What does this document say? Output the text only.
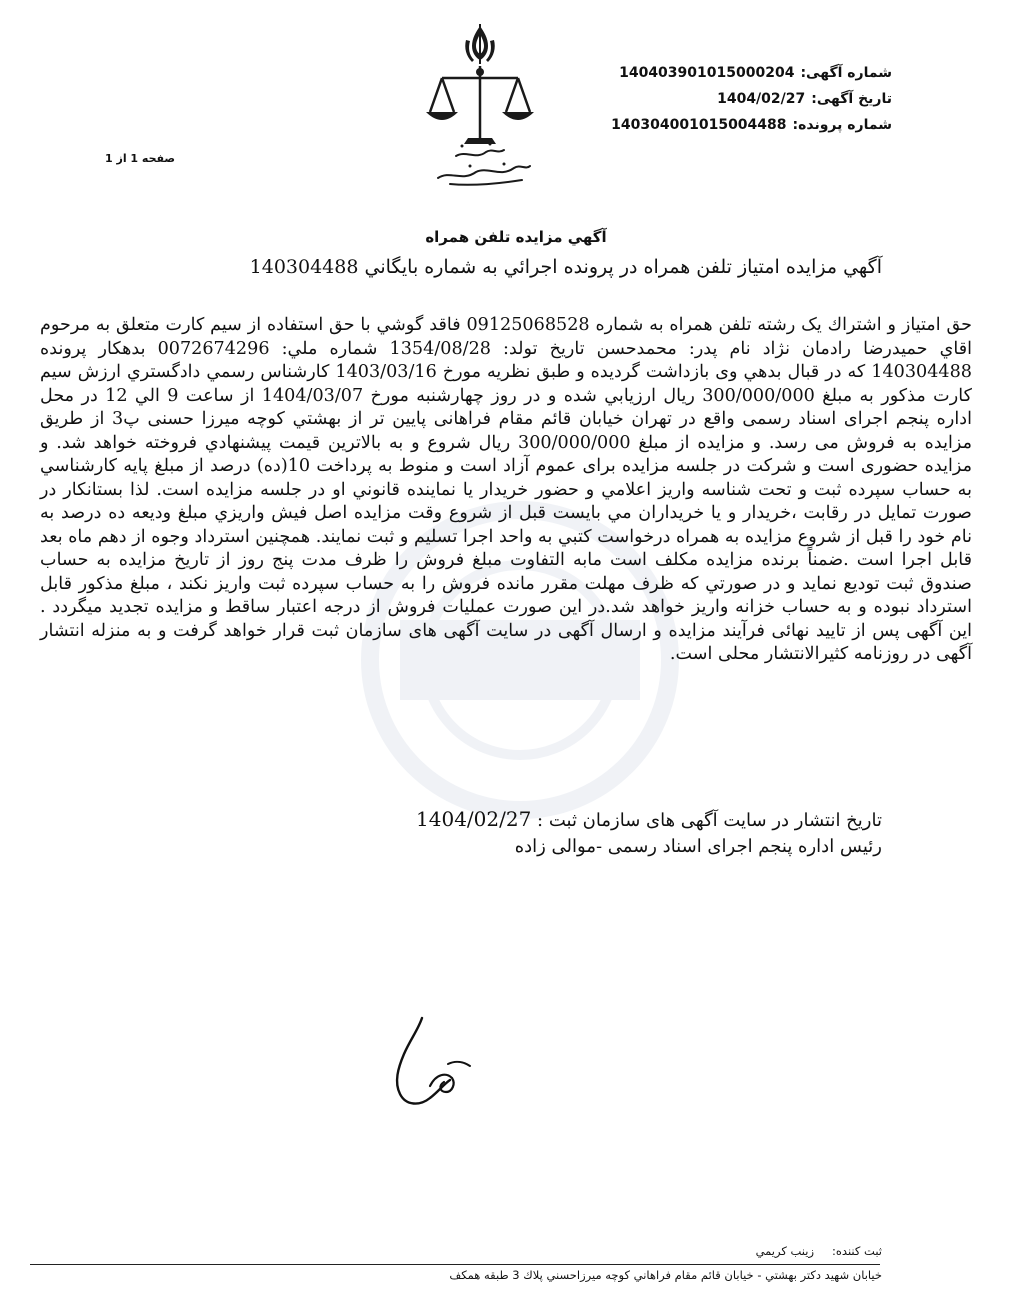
شماره آگهی:
140403901015000204
تاریخ آگهی:
1404/02/27
شماره پرونده:
140304001015004488
صفحه 1 از 1
آگهي مزايده تلفن همراه
آگهي مزايده امتياز تلفن همراه در پرونده اجرائي به شماره بايگاني 140304488
حق امتياز و اشتراك يک رشته تلفن همراه به شماره 09125068528 فاقد گوشي با حق استفاده از سيم کارت متعلق به مرحوم اقاي حميدرضا رادمان نژاد نام پدر: محمدحسن تاريخ تولد: 1354/08/28 شماره ملي: 0072674296 بدهکار پرونده 140304488 كه در قبال بدهي وی بازداشت گرديده و طبق نظريه مورخ 1403/03/16 کارشناس رسمي دادگستري ارزش سيم کارت مذكور به مبلغ 300/000/000 ريال ارزيابي شده و در روز چهارشنبه مورخ 1404/03/07 از ساعت 9 الي 12 در محل اداره پنجم اجرای اسناد رسمی واقع در تهران خيابان قائم مقام فراهانی پايين تر از بهشتي کوچه ميرزا حسنی پ3 از طريق مزايده به فروش می رسد. و مزايده از مبلغ 300/000/000 ريال شروع و به بالاترين قيمت پيشنهادي فروخته خواهد شد. و مزايده حضوری است و شركت در جلسه مزايده برای عموم آزاد است و منوط به پرداخت 10(ده) درصد از مبلغ پايه كارشناسي به حساب سپرده ثبت و تحت شناسه واريز اعلامي و حضور خريدار يا نماينده قانوني او در جلسه مزايده است. لذا بستانكار در صورت تمايل در رقابت ،خريدار و يا خريداران مي بايست قبل از شروع وقت مزايده اصل فيش واريزي مبلغ وديعه ده درصد به نام خود را قبل از شروع مزايده به همراه درخواست كتبي به واحد اجرا تسليم و ثبت نمايند. همچنين استرداد وجوه از دهم ماه بعد قابل اجرا است .ضمناً برنده مزايده مكلف است مابه التفاوت مبلغ فروش را ظرف مدت پنج روز از تاريخ مزايده به حساب صندوق ثبت توديع نمايد و در صورتي كه ظرف مهلت مقرر مانده فروش را به حساب سپرده ثبت واريز نكند ، مبلغ مذكور قابل استرداد نبوده و به حساب خزانه واريز خواهد شد.در اين صورت عمليات فروش از درجه اعتبار ساقط و مزايده تجديد ميگردد . اين آگهی پس از تاييد نهائی فرآيند مزايده و ارسال آگهی در سايت آگهی های سازمان ثبت قرار خواهد گرفت و به منزله انتشار آگهی در روزنامه كثيرالانتشار محلی است.
تاريخ انتشار در سايت آگهی های سازمان ثبت : 1404/02/27
رئيس اداره پنجم اجرای اسناد رسمی -موالی زاده
ثبت كننده:
زينب كريمي
خيابان شهيد دكتر بهشتي - خيابان قائم مقام فراهاني كوچه ميرزاحسني پلاك 3 طبقه همكف
